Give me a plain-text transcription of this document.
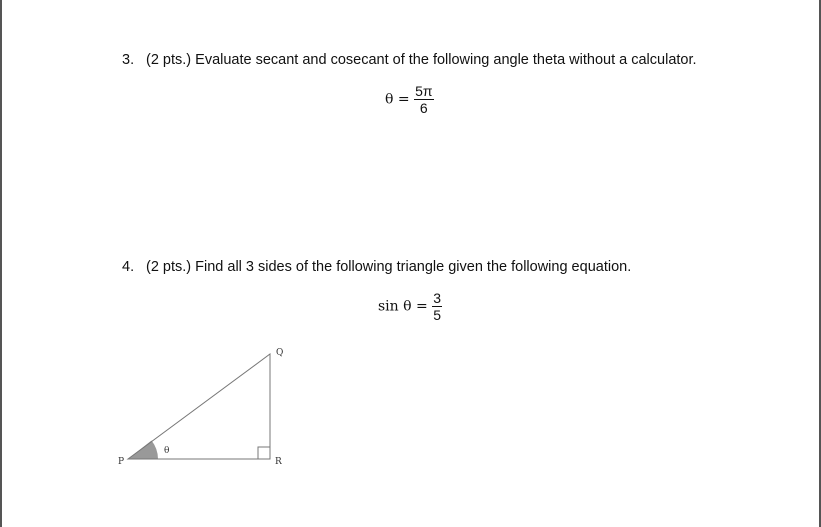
3. (2 pts.) Evaluate secant and cosecant of the following angle theta without a calculator.
$\theta = \frac{5\pi}{6}$
4. (2 pts.) Find all 3 sides of the following triangle given the following equation.
$\sin \theta = \frac{3}{5}$
P
Q
R
θ
